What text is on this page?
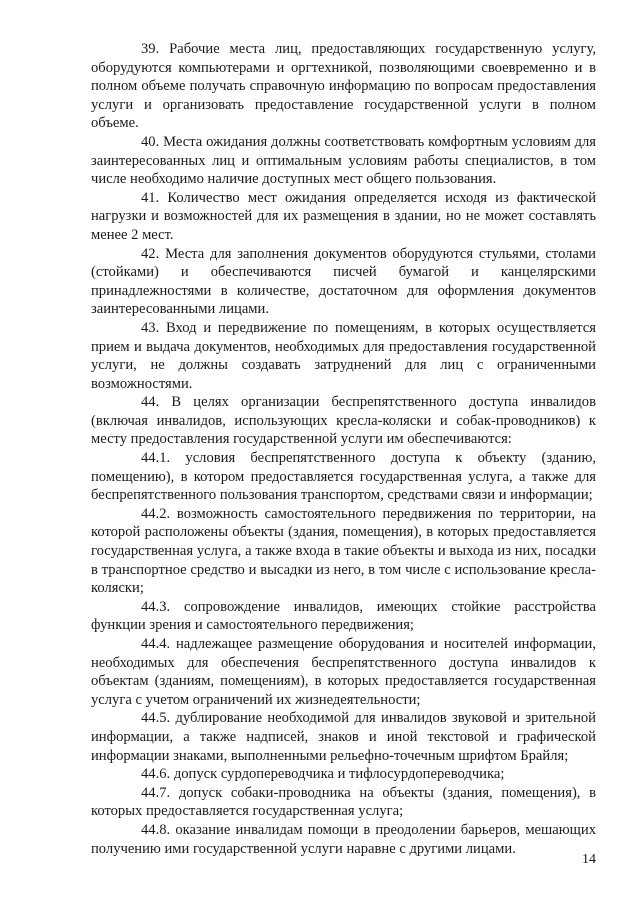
39. Рабочие места лиц, предоставляющих государственную услугу, оборудуются компьютерами и оргтехникой, позволяющими своевременно и в полном объеме получать справочную информацию по вопросам предоставления услуги и организовать предоставление государственной услуги в полном объеме.

40. Места ожидания должны соответствовать комфортным условиям для заинтересованных лиц и оптимальным условиям работы специалистов, в том числе необходимо наличие доступных мест общего пользования.

41. Количество мест ожидания определяется исходя из фактической нагрузки и возможностей для их размещения в здании, но не может составлять менее 2 мест.

42. Места для заполнения документов оборудуются стульями, столами (стойками) и обеспечиваются писчей бумагой и канцелярскими принадлежностями в количестве, достаточном для оформления документов заинтересованными лицами.

43. Вход и передвижение по помещениям, в которых осуществляется прием и выдача документов, необходимых для предоставления государственной услуги, не должны создавать затруднений для лиц с ограниченными возможностями.

44. В целях организации беспрепятственного доступа инвалидов (включая инвалидов, использующих кресла-коляски и собак-проводников) к месту предоставления государственной услуги им обеспечиваются:

44.1. условия беспрепятственного доступа к объекту (зданию, помещению), в котором предоставляется государственная услуга, а также для беспрепятственного пользования транспортом, средствами связи и информации;

44.2. возможность самостоятельного передвижения по территории, на которой расположены объекты (здания, помещения), в которых предоставляется государственная услуга, а также входа в такие объекты и выхода из них, посадки в транспортное средство и высадки из него, в том числе с использование кресла-коляски;

44.3. сопровождение инвалидов, имеющих стойкие расстройства функции зрения и самостоятельного передвижения;

44.4. надлежащее размещение оборудования и носителей информации, необходимых для обеспечения беспрепятственного доступа инвалидов к объектам (зданиям, помещениям), в которых предоставляется государственная услуга с учетом ограничений их жизнедеятельности;

44.5. дублирование необходимой для инвалидов звуковой и зрительной информации, а также надписей, знаков и иной текстовой и графической информации знаками, выполненными рельефно-точечным шрифтом Брайля;

44.6. допуск сурдопереводчика и тифлосурдопереводчика;

44.7. допуск собаки-проводника на объекты (здания, помещения), в которых предоставляется государственная услуга;

44.8. оказание инвалидам помощи в преодолении барьеров, мешающих получению ими государственной услуги наравне с другими лицами.

14
